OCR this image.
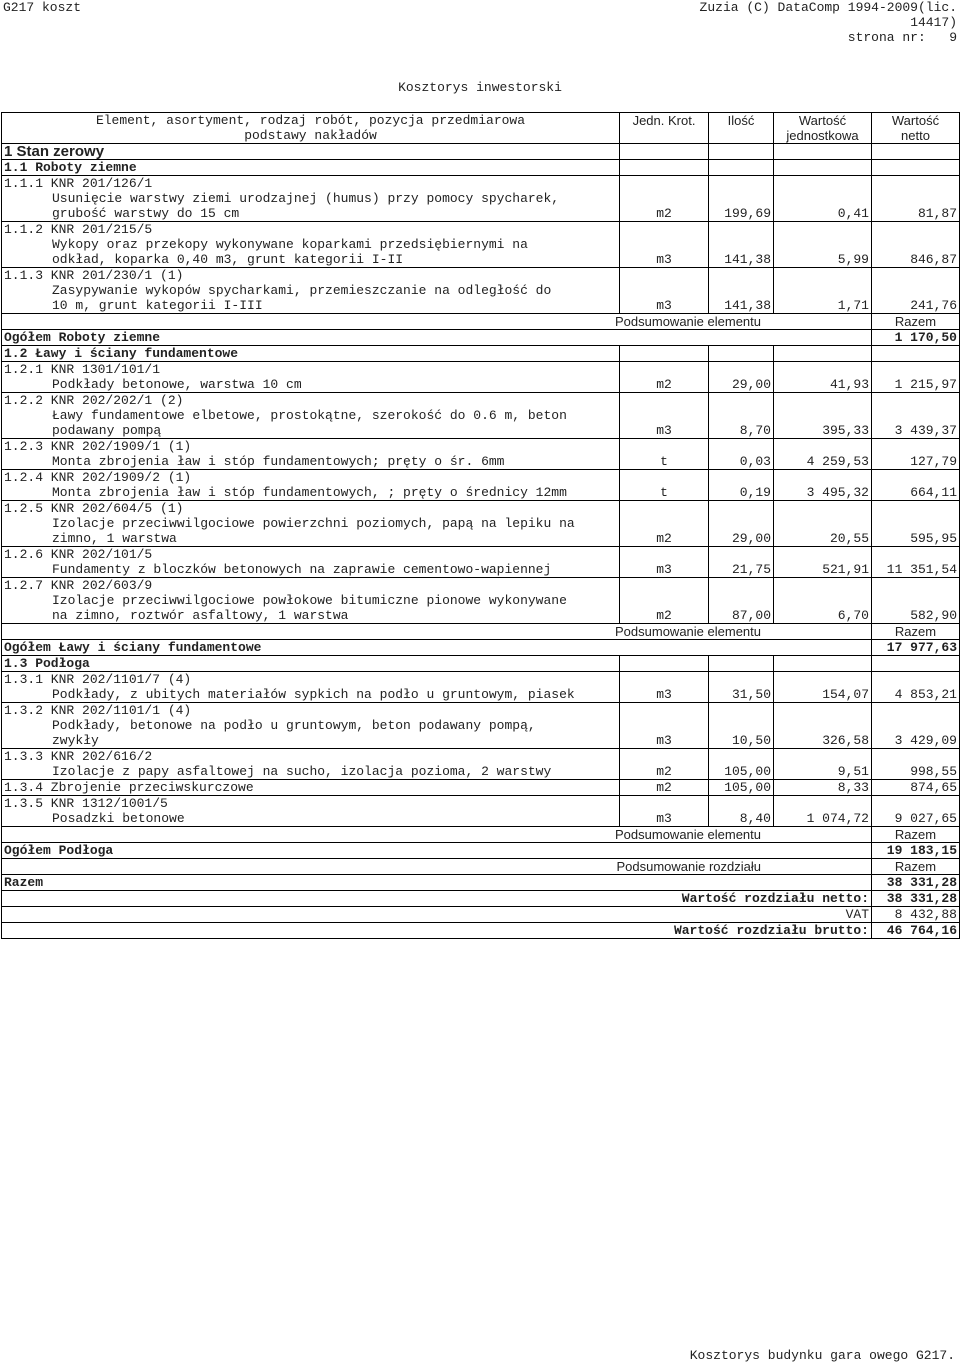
G217 koszt	Zuzia (C) DataComp 1994-2009(lic.
14417)
strona nr: 9
Kosztorys inwestorski
Element, asortyment, rodzaj robót, pozycja przedmiarowa	Jedn. Krot.	Ilość	Wartość	Wartość
podstawy nakładów			jednostkowa	netto
1 Stan zerowy				
1.1 Roboty ziemne				
1.1.1 KNR 201/126/1				
Usunięcie warstwy ziemi urodzajnej (humus) przy pomocy spycharek,				
grubość warstwy do 15 cm	m2	199,69	0,41	81,87
1.1.2 KNR 201/215/5				
Wykopy oraz przekopy wykonywane koparkami przedsiębiernymi na				
odkład, koparka 0,40 m3, grunt kategorii I-II	m3	141,38	5,99	846,87
1.1.3 KNR 201/230/1 (1)				
Zasypywanie wykopów spycharkami, przemieszczanie na odległość do				
10 m, grunt kategorii I-III	m3	141,38	1,71	241,76
Podsumowanie elementu				Razem
Ogółem Roboty ziemne				1 170,50
1.2 Ławy i ściany fundamentowe				
1.2.1 KNR 1301/101/1				
Podkłady betonowe, warstwa 10 cm	m2	29,00	41,93	1 215,97
1.2.2 KNR 202/202/1 (2)				
Ławy fundamentowe elbetowe, prostokątne, szerokość do 0.6 m, beton				
podawany pompą	m3	8,70	395,33	3 439,37
1.2.3 KNR 202/1909/1 (1)				
Monta zbrojenia ław i stóp fundamentowych; pręty o śr. 6mm	t	0,03	4 259,53	127,79
1.2.4 KNR 202/1909/2 (1)				
Monta zbrojenia ław i stóp fundamentowych, ; pręty o średnicy 12mm	t	0,19	3 495,32	664,11
1.2.5 KNR 202/604/5 (1)				
Izolacje przeciwwilgociowe powierzchni poziomych, papą na lepiku na				
zimno, 1 warstwa	m2	29,00	20,55	595,95
1.2.6 KNR 202/101/5				
Fundamenty z bloczków betonowych na zaprawie cementowo-wapiennej	m3	21,75	521,91	11 351,54
1.2.7 KNR 202/603/9				
Izolacje przeciwwilgociowe powłokowe bitumiczne pionowe wykonywane				
na zimno, roztwór asfaltowy, 1 warstwa	m2	87,00	6,70	582,90
Podsumowanie elementu				Razem
Ogółem Ławy i ściany fundamentowe				17 977,63
1.3 Podłoga				
1.3.1 KNR 202/1101/7 (4)				
Podkłady, z ubitych materiałów sypkich na podło u gruntowym, piasek	m3	31,50	154,07	4 853,21
1.3.2 KNR 202/1101/1 (4)				
Podkłady, betonowe na podło u gruntowym, beton podawany pompą,				
zwykły	m3	10,50	326,58	3 429,09
1.3.3 KNR 202/616/2				
Izolacje z papy asfaltowej na sucho, izolacja pozioma, 2 warstwy	m2	105,00	9,51	998,55
1.3.4 Zbrojenie przeciwskurczowe	m2	105,00	8,33	874,65
1.3.5 KNR 1312/1001/5				
Posadzki betonowe	m3	8,40	1 074,72	9 027,65
Podsumowanie elementu				Razem
Ogółem Podłoga				19 183,15
Podsumowanie rozdziału				Razem
Razem				38 331,28
Wartość rozdziału netto:				38 331,28
VAT				8 432,88
Wartość rozdziału brutto:				46 764,16
Kosztorys budynku gara owego G217.
